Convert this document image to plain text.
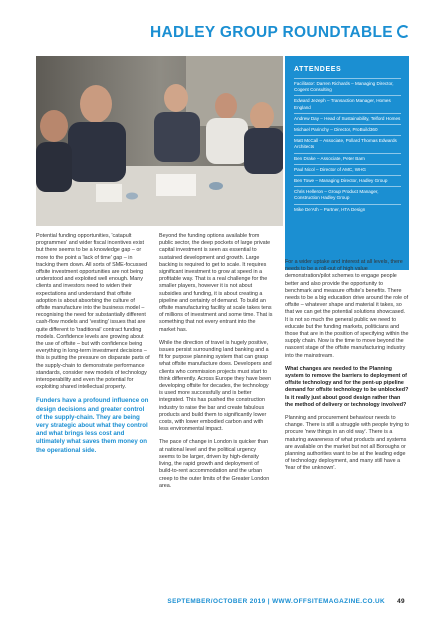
HADLEY GROUP ROUNDTABLE
ATTENDEES
Facilitator: Darren Richards – Managing Director, Cogent Consulting
Edward Jezeph – Transaction Manager, Homes England
Andrew Day – Head of Sustainability, Telford Homes
Michael Parinchy – Director, ProBuild360
Matt McCall – Associate, Pollard Thomas Edwards Architects
Ben Drake – Associate, Peter Barn
Paul Nicol – Director of AMC, WHG
Ben Towe – Managing Director, Hadley Group
Chris Helleron – Group Product Manager, Construction Hadley Group
Mike De'Ath – Partner, HTA Design

Potential funding opportunities, 'catapult programmes' and wider fiscal incentives exist but there seems to be a knowledge gap – or more to the point a 'lack of time' gap – in tracking them down. All sorts of SME-focussed offsite investment opportunities are not being understood and exploited well enough. Many clients and investors need to widen their expectations and understand that offsite adoption is about absorbing the culture of offsite manufacture into the business model – recognising the need for substantially different cash-flow models and 'vesting' issues that are quite different to 'traditional' contract funding models. Confidence levels are growing about the use of offsite – but with confidence being everything in long-term investment decisions – this is putting the pressure on disparate parts of the supply-chain to demonstrate performance standards, consider new models of technology interoperability and even the potential for exploiting shared intellectual property.

Funders have a profound influence on design decisions and greater control of the supply-chain. They are being very strategic about what they control and what brings less cost and ultimately what saves them money on the operational side.

Beyond the funding options available from public sector, the deep pockets of large private capital investment is seen as essential to sustained development and growth. Large backing is required to get to scale. It requires significant investment to grow at speed in a profitable way. That is a real challenge for the smaller players, however it is not about subsidies and funding, it is about creating a pipeline and certainty of demand. To build an offsite manufacturing facility at scale takes tens of millions of investment and some time. That is something that not every entrant into the market has.

While the direction of travel is hugely positive, issues persist surrounding land banking and a fit for purpose planning system that can grasp what offsite manufacture does. Developers and clients who commission projects must start to think differently. Across Europe they have been developing offsite for decades, the technology is used more successfully and is better integrated. This has pushed the construction industry to raise the bar and create fabulous products and build them to significantly lower costs, with lower embodied carbon and with less environmental impact.

The pace of change in London is quicker than at national level and the political urgency seems to be larger, driven by high-density living, the rapid growth and deployment of build-to-rent accommodation and the urban creep to the outer limits of the Greater London area.

For a wider uptake and interest at all levels, there needs to be a roll-out of high value demonstration/pilot schemes to engage people better and also provide the opportunity to benchmark and measure offsite's benefits. There needs to be a big education drive around the role of offsite – whatever shape and material it takes, so that we can get the potential solutions showcased. It is not so much the general public we need to educate but the funding markets, politicians and those that are in the position of specifying within the supply chain. Now is the time to move beyond the nascent stage of the offsite manufacturing industry into the mainstream.

What changes are needed to the Planning system to remove the barriers to deployment of offsite technology and for the pent-up pipeline demand for offsite technology to be unblocked? Is it really just about good design rather than the method of delivery or technology involved?

Planning and procurement behaviour needs to change. There is still a struggle with people trying to procure 'new things in an old way'. There is a maturing awareness of what products and systems are available on the market but not all Boroughs or planning authorities want to be at the leading edge of technology deployment, and many still have a 'fear of the unknown'.

SEPTEMBER/OCTOBER 2019 | WWW.OFFSITEMAGAZINE.CO.UK 49
